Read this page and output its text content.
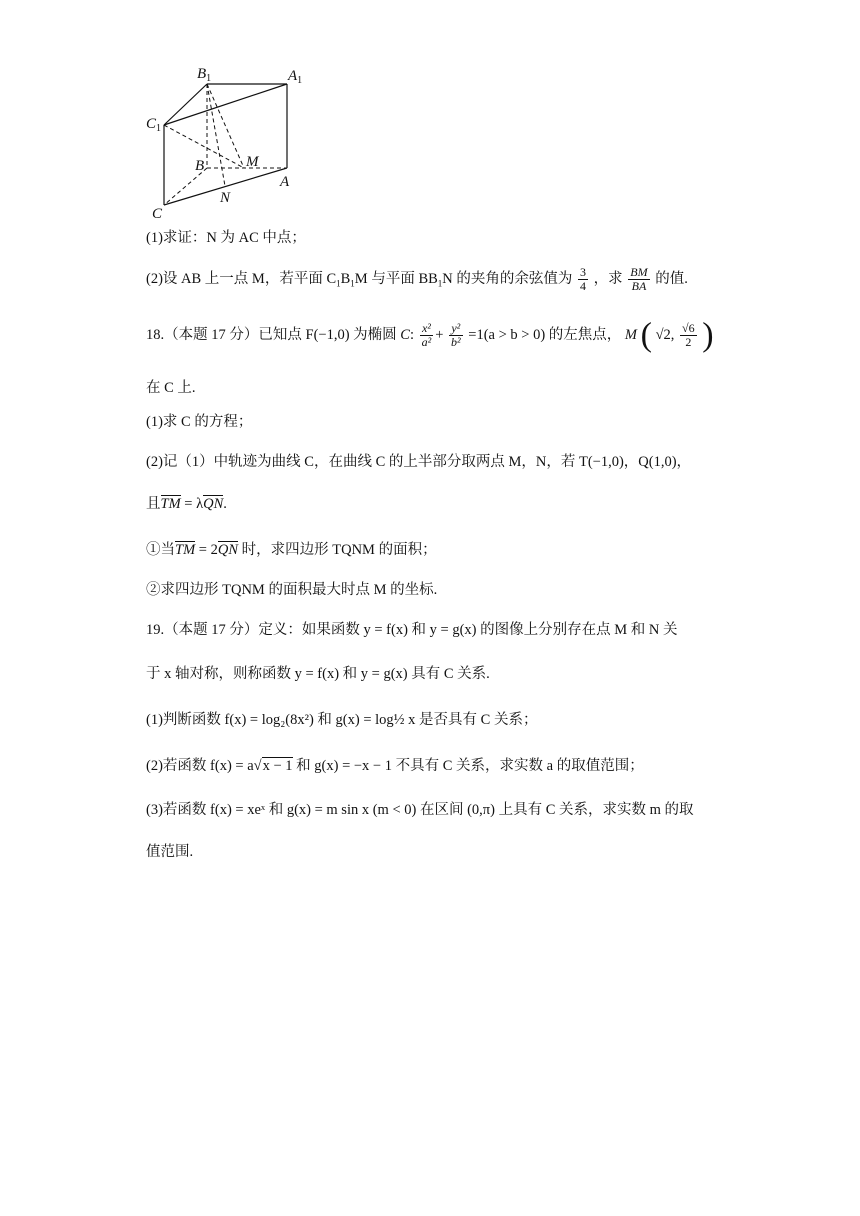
$B_1$	$A_1$
$C_1$
B	M
A
C
N
(1)求证：N 为 AC 中点；
(2)设 AB 上一点 M，若平面 $C_1B_1M$ 与平面 $BB_1N$ 的夹角的余弦值为 $\frac{3}{4}$ ，求 $\frac{BM}{BA}$ 的值.
18.（本题 17 分）已知点 F(−1,0) 为椭圆 C: $\frac{\text{x²}}{\text{a²}} + \frac{\text{y²}}{\text{b²}} =1(a > b > 0)$ 的左焦点， M ( √2, $\frac{√6}{2}$ )
在 C 上.
(1)求 C 的方程；
(2)记（1）中轨迹为曲线 C，在曲线 C 的上半部分取两点 M，N，若 T(−1,0)，Q(1,0)，
且TM = λQN.
①当TM = 2QN 时，求四边形 TQNM 的面积；
②求四边形 TQNM 的面积最大时点 M 的坐标.
19.（本题 17 分）定义：如果函数 y = f(x) 和 y = g(x) 的图像上分别存在点 M 和 N 关
于 x 轴对称，则称函数 y = f(x) 和 y = g(x) 具有 C 关系.
(1)判断函数 f(x) = log₂(8x²) 和 g(x) = log½ x 是否具有 C 关系；
(2)若函数 f(x) = a√x − 1 和 g(x) = −x − 1 不具有 C 关系，求实数 a 的取值范围；
(3)若函数 f(x) = xeˣ 和 g(x) = m sin x (m < 0) 在区间 (0,π) 上具有 C 关系，求实数 m 的取
值范围.
